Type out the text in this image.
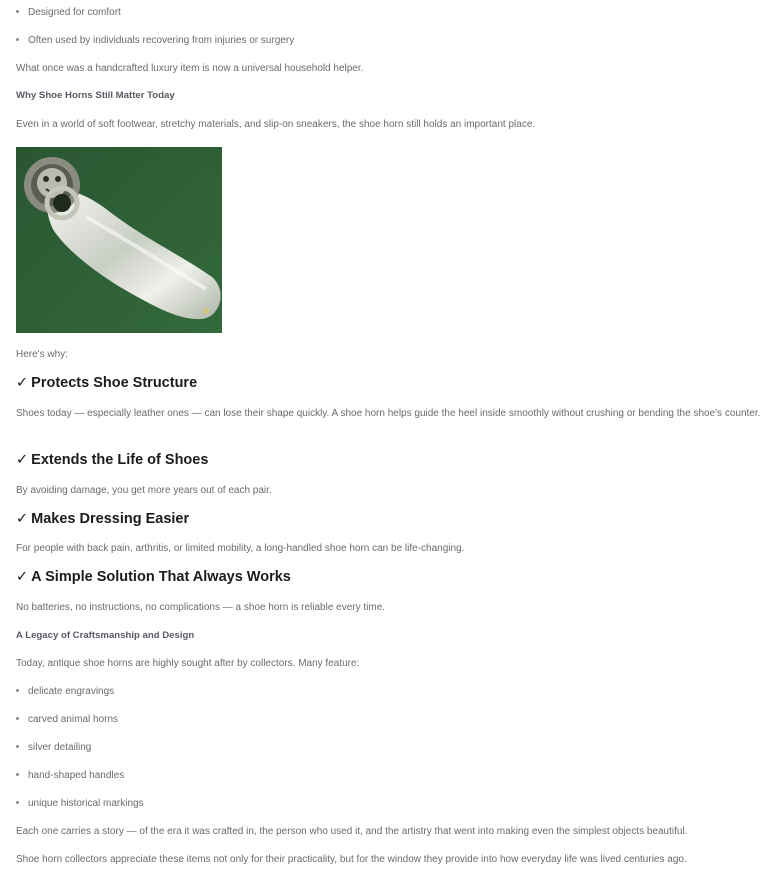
Designed for comfort
Often used by individuals recovering from injuries or surgery

What once was a handcrafted luxury item is now a universal household helper.

Why Shoe Horns Still Matter Today

Even in a world of soft footwear, stretchy materials, and slip-on sneakers, the shoe horn still holds an important place.

Here's why:

✓ Protects Shoe Structure

Shoes today — especially leather ones — can lose their shape quickly. A shoe horn helps guide the heel inside smoothly without crushing or bending the shoe's counter.

✓ Extends the Life of Shoes

By avoiding damage, you get more years out of each pair.

✓ Makes Dressing Easier

For people with back pain, arthritis, or limited mobility, a long-handled shoe horn can be life-changing.

✓ A Simple Solution That Always Works

No batteries, no instructions, no complications — a shoe horn is reliable every time.

A Legacy of Craftsmanship and Design

Today, antique shoe horns are highly sought after by collectors. Many feature:

delicate engravings
carved animal horns
silver detailing
hand-shaped handles
unique historical markings

Each one carries a story — of the era it was crafted in, the person who used it, and the artistry that went into making even the simplest objects beautiful.

Shoe horn collectors appreciate these items not only for their practicality, but for the window they provide into how everyday life was lived centuries ago.
